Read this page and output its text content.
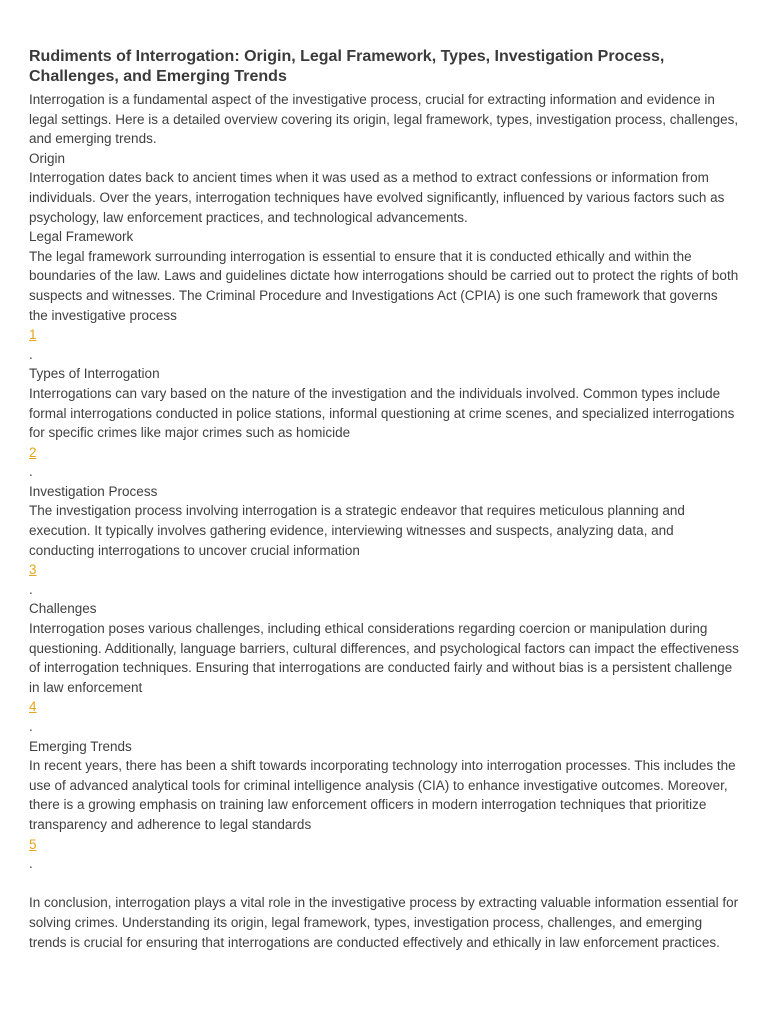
Rudiments of Interrogation: Origin, Legal Framework, Types, Investigation Process, Challenges, and Emerging Trends

Interrogation is a fundamental aspect of the investigative process, crucial for extracting information and evidence in legal settings. Here is a detailed overview covering its origin, legal framework, types, investigation process, challenges, and emerging trends.

Origin

Interrogation dates back to ancient times when it was used as a method to extract confessions or information from individuals. Over the years, interrogation techniques have evolved significantly, influenced by various factors such as psychology, law enforcement practices, and technological advancements.

Legal Framework

The legal framework surrounding interrogation is essential to ensure that it is conducted ethically and within the boundaries of the law. Laws and guidelines dictate how interrogations should be carried out to protect the rights of both suspects and witnesses. The Criminal Procedure and Investigations Act (CPIA) is one such framework that governs the investigative process

1
.

Types of Interrogation

Interrogations can vary based on the nature of the investigation and the individuals involved. Common types include formal interrogations conducted in police stations, informal questioning at crime scenes, and specialized interrogations for specific crimes like major crimes such as homicide

2
.

Investigation Process

The investigation process involving interrogation is a strategic endeavor that requires meticulous planning and execution. It typically involves gathering evidence, interviewing witnesses and suspects, analyzing data, and conducting interrogations to uncover crucial information

3
.

Challenges

Interrogation poses various challenges, including ethical considerations regarding coercion or manipulation during questioning. Additionally, language barriers, cultural differences, and psychological factors can impact the effectiveness of interrogation techniques. Ensuring that interrogations are conducted fairly and without bias is a persistent challenge in law enforcement

4
.

Emerging Trends

In recent years, there has been a shift towards incorporating technology into interrogation processes. This includes the use of advanced analytical tools for criminal intelligence analysis (CIA) to enhance investigative outcomes. Moreover, there is a growing emphasis on training law enforcement officers in modern interrogation techniques that prioritize transparency and adherence to legal standards

5
.

In conclusion, interrogation plays a vital role in the investigative process by extracting valuable information essential for solving crimes. Understanding its origin, legal framework, types, investigation process, challenges, and emerging trends is crucial for ensuring that interrogations are conducted effectively and ethically in law enforcement practices.
